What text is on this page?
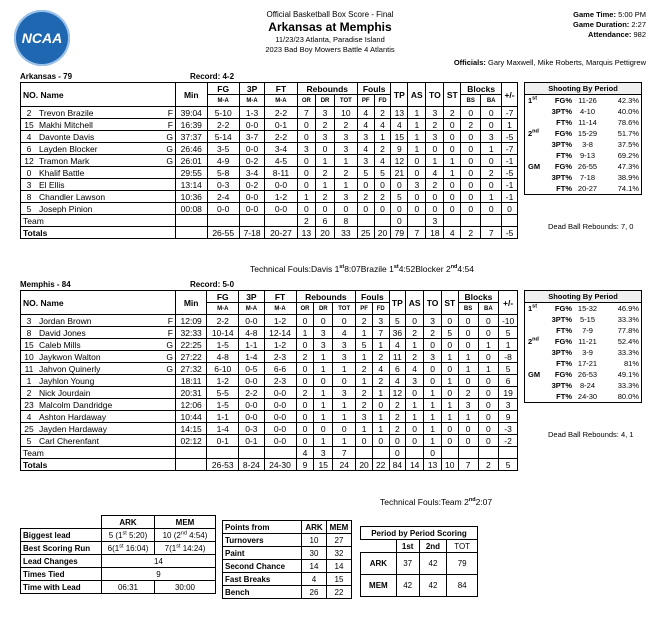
NCAA
Official Basketball Box Score - Final
Arkansas at Memphis
11/23/23 Atlanta, Paradise Island
2023 Bad Boy Mowers Battle 4 Atlantis
Game Time: 5:00 PM
Game Duration: 2:27
Attendance: 982
Officials: Gary Maxwell, Mike Roberts, Marquis Pettigrew
Arkansas - 79	Record: 4-2
NO. Name		Min	FG	3P	FT	Rebounds			Fouls		TP	AS	TO	ST	Blocks		+/-
			M-A	M-A	M-A	OR	DR	TOT	PF	FD					BS	BA	
2	Trevon Brazile F	39:04	5-10	1-3	2-2	7	3	10	4	2	13	1	3	2	0	0	-7
15	Makhi Mitchell F	16:39	2-2	0-0	0-1	0	2	2	4	4	4	1	2	0	2	0	1
4	Davonte Davis G	37:37	5-14	3-7	2-2	0	3	3	3	1	15	1	3	0	0	3	-5
6	Layden Blocker G	26:46	3-5	0-0	3-4	3	0	3	4	2	9	1	0	0	0	1	-7
12	Tramon Mark G	26:01	4-9	0-2	4-5	0	1	1	3	4	12	0	1	1	0	0	-1
0	Khalif Battle	29:55	5-8	3-4	8-11	0	2	2	5	5	21	0	4	1	0	2	-5
3	El Ellis	13:14	0-3	0-2	0-0	0	1	1	0	0	0	3	2	0	0	0	-1
8	Chandler Lawson	10:36	2-4	0-0	1-2	1	2	3	2	2	5	0	0	0	0	1	-1
5	Joseph Pinion	00:08	0-0	0-0	0-0	0	0	0	0	0	0	0	0	0	0	0	0
Team						2	6	8			0		3				
Totals			26-55	7-18	20-27	13	20	33	25	20	79	7	18	4	2	7	-5
Technical Fouls:Davis 1st8:07Brazile 1st4:52Blocker 2nd4:54
Shooting By Period		
1st FG%	11-26	42.3%

3PT%	4-10	40.0%

FT%	11-14	78.6%
2nd FG%	15-29	51.7%

3PT%	3-8	37.5%

FT%	9-13	69.2%
GM FG%	26-55	47.3%

3PT%	7-18	38.9%

FT%	20-27	74.1%
Dead Ball Rebounds: 7, 0
Memphis - 84	Record: 5-0
NO. Name		Min	FG	3P	FT	Rebounds			Fouls		TP	AS	TO	ST	Blocks		+/-
			M-A	M-A	M-A	OR	DR	TOT	PF	FD					BS	BA	
3	Jordan Brown F	12:09	2-2	0-0	1-2	0	0	0	2	3	5	0	3	0	0	0	-10
8	David Jones F	32:33	10-14	4-8	12-14	1	3	4	1	7	36	2	2	5	0	0	5
15	Caleb Mills G	22:25	1-5	1-1	1-2	0	3	3	5	1	4	1	0	0	0	1	1
10	Jaykwon Walton G	27:22	4-8	1-4	2-3	2	1	3	1	2	11	2	3	1	1	0	-8
11	Jahvon Quinerly G	27:32	6-10	0-5	6-6	0	1	1	2	4	6	4	0	0	1	1	5
1	Jayhlon Young	18:11	1-2	0-0	2-3	0	0	0	1	2	4	3	0	1	0	0	6
2	Nick Jourdain	20:31	5-5	2-2	0-0	2	1	3	2	1	12	0	1	0	2	0	19
23	Malcolm Dandridge	12:06	1-5	0-0	0-0	0	1	1	2	0	2	1	1	1	3	0	3
4	Ashton Hardaway	10:44	1-1	0-0	0-0	0	1	1	3	1	2	1	1	1	1	0	9
25	Jayden Hardaway	14:15	1-4	0-3	0-0	0	0	0	1	1	2	0	1	0	0	0	-3
5	Carl Cherenfant	02:12	0-1	0-1	0-0	0	1	1	0	0	0	0	1	0	0	0	-2
Team						4	3	7			0		0				
Totals			26-53	8-24	24-30	9	15	24	20	22	84	14	13	10	7	2	5
Technical Fouls:Team 2nd2:07
Shooting By Period		
1st FG%	15-32	46.9%

3PT%	5-15	33.3%

FT%	7-9	77.8%
2nd FG%	11-21	52.4%

3PT%	3-9	33.3%

FT%	17-21	81%
GM FG%	26-53	49.1%

3PT%	8-24	33.3%

FT%	24-30	80.0%
Dead Ball Rebounds: 4, 1
	ARK	MEM
Biggest lead	5 (1st 5:20)	10 (2nd 4:54)
Best Scoring Run	6(1st 16:04)	7(1st 14:24)
Lead Changes	14	
Times Tied	9	
Time with Lead	06:31	30:00
Points from	ARK	MEM
Turnovers	10	27
Paint	30	32
Second Chance	14	14
Fast Breaks	4	15
Bench	26	22
Period by Period Scoring			
	1st	2nd	TOT
ARK	37	42	79
MEM	42	42	84
